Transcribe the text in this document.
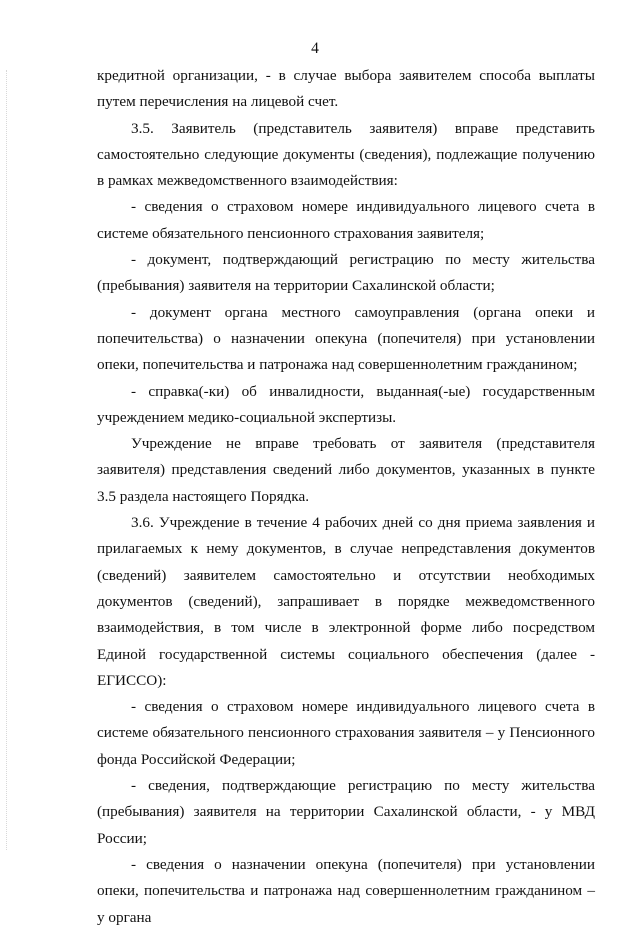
4

кредитной организации, - в случае выбора заявителем способа выплаты путем перечисления на лицевой счет.

3.5. Заявитель (представитель заявителя) вправе представить самостоятельно следующие документы (сведения), подлежащие получению в рамках межведомственного взаимодействия:

- сведения о страховом номере индивидуального лицевого счета в системе обязательного пенсионного страхования заявителя;

- документ, подтверждающий регистрацию по месту жительства (пребывания) заявителя на территории Сахалинской области;

- документ органа местного самоуправления (органа опеки и попечительства) о назначении опекуна (попечителя) при установлении опеки, попечительства и патронажа над совершеннолетним гражданином;

- справка(-ки) об инвалидности, выданная(-ые) государственным учреждением медико-социальной экспертизы.

Учреждение не вправе требовать от заявителя (представителя заявителя) представления сведений либо документов, указанных в пункте 3.5 раздела настоящего Порядка.

3.6. Учреждение в течение 4 рабочих дней со дня приема заявления и прилагаемых к нему документов, в случае непредставления документов (сведений) заявителем самостоятельно и отсутствии необходимых документов (сведений), запрашивает в порядке межведомственного взаимодействия, в том числе в электронной форме либо посредством Единой государственной системы социального обеспечения (далее - ЕГИССО):

- сведения о страховом номере индивидуального лицевого счета в системе обязательного пенсионного страхования заявителя – у Пенсионного фонда Российской Федерации;

- сведения, подтверждающие регистрацию по месту жительства (пребывания) заявителя на территории Сахалинской области, - у МВД России;

- сведения о назначении опекуна (попечителя) при установлении опеки, попечительства и патронажа над совершеннолетним гражданином – у органа
